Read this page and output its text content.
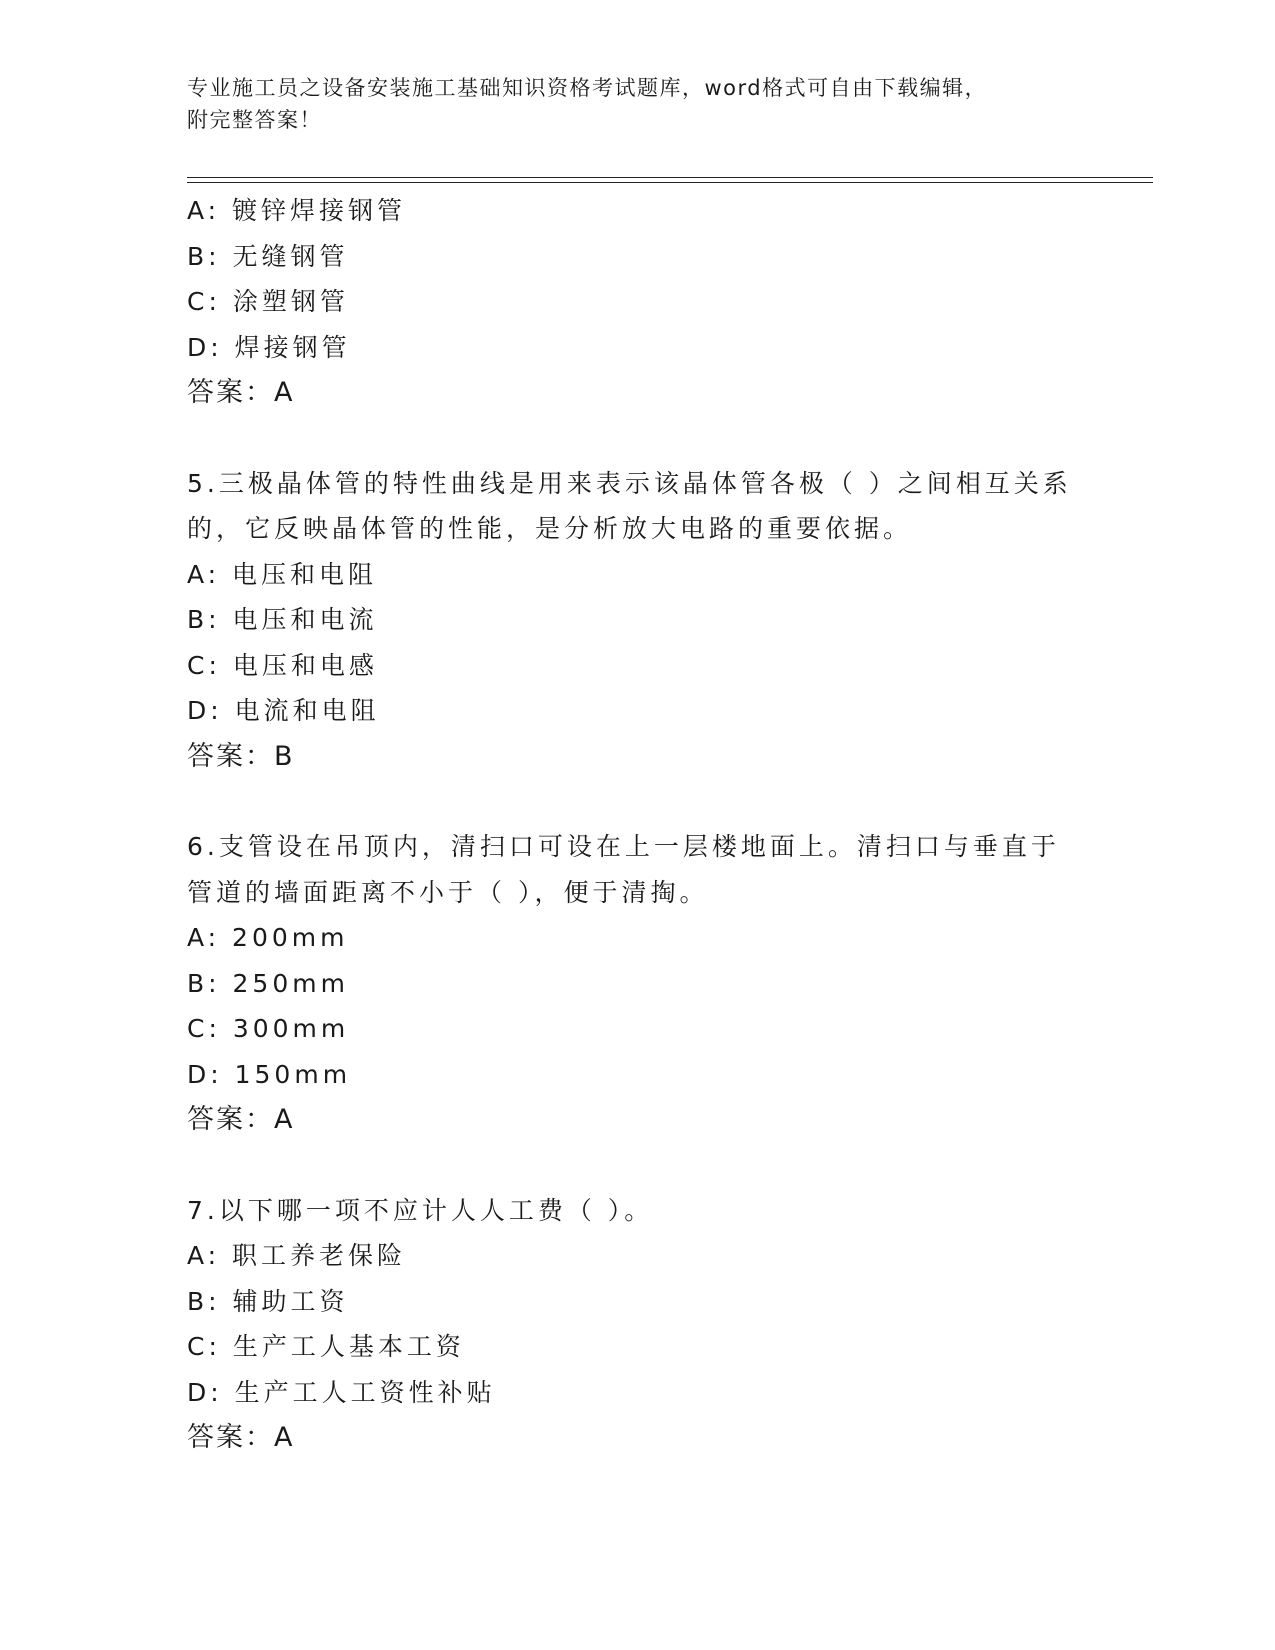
专业施工员之设备安装施工基础知识资格考试题库，word格式可自由下载编辑，
附完整答案！
A: 镀锌焊接钢管
B: 无缝钢管
C: 涂塑钢管
D: 焊接钢管
答案：A
5.三极晶体管的特性曲线是用来表示该晶体管各极（ ）之间相互关系
的，它反映晶体管的性能，是分析放大电路的重要依据。
A: 电压和电阻
B: 电压和电流
C: 电压和电感
D: 电流和电阻
答案：B
6.支管设在吊顶内，清扫口可设在上一层楼地面上。清扫口与垂直于
管道的墙面距离不小于（ ），便于清掏。
A: 200mm
B: 250mm
C: 300mm
D: 150mm
答案：A
7.以下哪一项不应计人人工费（ ）。
A: 职工养老保险
B: 辅助工资
C: 生产工人基本工资
D: 生产工人工资性补贴
答案：A
